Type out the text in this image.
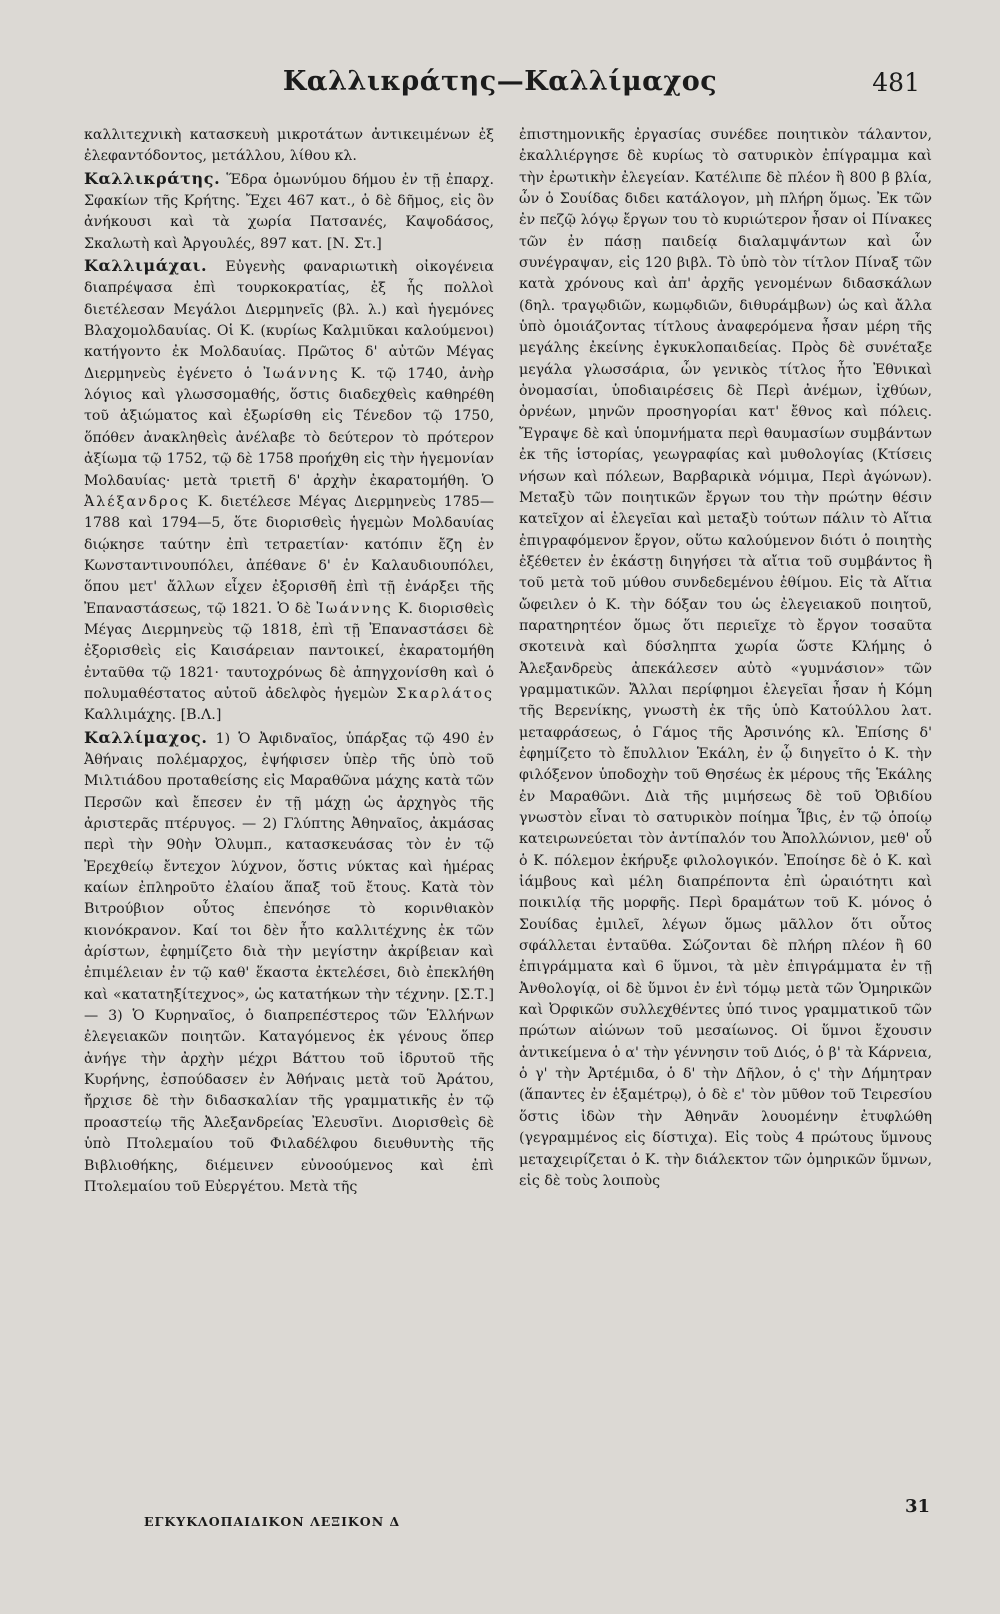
Καλλικράτης—Καλλίμαχος	481

καλλιτεχνικὴ κατασκευὴ μικροτάτων ἀντικειμένων ἐξ ἐλεφαντόδοντος, μετάλλου, λίθου κλ.

Καλλικράτης. Ἕδρα ὁμωνύμου δήμου ἐν τῇ ἐπαρχ. Σφακίων τῆς Κρήτης. Ἔχει 467 κατ., ὁ δὲ δῆμος, εἰς ὃν ἀνήκουσι καὶ τὰ χωρία Πατσανές, Καψοδάσος, Σκαλωτὴ καὶ Ἀργουλές, 897 κατ. [Ν. Στ.]

Καλλιμάχαι. Εὐγενὴς φαναριωτικὴ οἰκογένεια διαπρέψασα ἐπὶ τουρκοκρατίας, ἐξ ἧς πολλοὶ διετέλεσαν Μεγάλοι Διερμηνεῖς (βλ. λ.) καὶ ἡγεμόνες Βλαχομολδαυίας. Οἱ Κ. (κυρίως Καλμιῦκαι καλούμενοι) κατήγοντο ἐκ Μολδαυίας. Πρῶτος δ' αὐτῶν Μέγας Διερμηνεὺς ἐγένετο ὁ Ἰωάννης Κ. τῷ 1740, ἀνὴρ λόγιος καὶ γλωσσομαθής, ὅστις διαδεχθεὶς καθηρέθη τοῦ ἀξιώματος καὶ ἐξωρίσθη εἰς Τένεδον τῷ 1750, ὅπόθεν ἀνακληθεὶς ἀνέλαβε τὸ δεύτερον τὸ πρότερον ἀξίωμα τῷ 1752, τῷ δὲ 1758 προήχθη εἰς τὴν ἡγεμονίαν Μολδαυίας· μετὰ τριετῆ δ' ἀρχὴν ἐκαρατομήθη. Ὁ Ἀλέξανδρος Κ. διετέλεσε Μέγας Διερμηνεὺς 1785—1788 καὶ 1794—5, ὅτε διορισθεὶς ἡγεμὼν Μολδαυίας διῴκησε ταύτην ἐπὶ τετραετίαν· κατόπιν ἔζη ἐν Κωνσταντινουπόλει, ἀπέθανε δ' ἐν Καλαυδιουπόλει, ὅπου μετ' ἄλλων εἶχεν ἐξορισθῆ ἐπὶ τῇ ἐνάρξει τῆς Ἐπαναστάσεως, τῷ 1821. Ὁ δὲ Ἰωάννης Κ. διορισθεὶς Μέγας Διερμηνεὺς τῷ 1818, ἐπὶ τῇ Ἐπαναστάσει δὲ ἐξορισθεὶς εἰς Καισάρειαν παντοικεί, ἐκαρατομήθη ἐνταῦθα τῷ 1821· ταυτοχρόνως δὲ ἀπηγχονίσθη καὶ ὁ πολυμαθέστατος αὐτοῦ ἀδελφὸς ἡγεμὼν Σκαρλάτος Καλλιμάχης. [Β.Λ.]

Καλλίμαχος. 1) Ὁ Ἀφιδναῖος, ὑπάρξας τῷ 490 ἐν Ἀθήναις πολέμαρχος, ἐψήφισεν ὑπὲρ τῆς ὑπὸ τοῦ Μιλτιάδου προταθείσης εἰς Μαραθῶνα μάχης κατὰ τῶν Περσῶν καὶ ἔπεσεν ἐν τῇ μάχῃ ὡς ἀρχηγὸς τῆς ἀριστερᾶς πτέρυγος. — 2) Γλύπτης Ἀθηναῖος, ἀκμάσας περὶ τὴν 90ὴν Ὀλυμπ., κατασκευάσας τὸν ἐν τῷ Ἐρεχθείῳ ἔντεχον λύχνον, ὅστις νύκτας καὶ ἡμέρας καίων ἐπληροῦτο ἐλαίου ἅπαξ τοῦ ἔτους. Κατὰ τὸν Βιτρούβιον οὗτος ἐπενόησε τὸ κορινθιακὸν κιονόκρανον. Καί τοι δὲν ἦτο καλλιτέχνης ἐκ τῶν ἀρίστων, ἐφημίζετο διὰ τὴν μεγίστην ἀκρίβειαν καὶ ἐπιμέλειαν ἐν τῷ καθ' ἕκαστα ἐκτελέσει, διὸ ἐπεκλήθη καὶ «κατατηξίτεχνος», ὡς κατατήκων τὴν τέχνην. [Σ.Τ.] — 3) Ὁ Κυρηναῖος, ὁ διαπρεπέστερος τῶν Ἑλλήνων ἐλεγειακῶν ποιητῶν. Καταγόμενος ἐκ γένους ὅπερ ἀνήγε τὴν ἀρχὴν μέχρι Βάττου τοῦ ἱδρυτοῦ τῆς Κυρήνης, ἐσπούδασεν ἐν Ἀθήναις μετὰ τοῦ Ἀράτου, ἤρχισε δὲ τὴν διδασκαλίαν τῆς γραμματικῆς ἐν τῷ προαστείῳ τῆς Ἀλεξανδρείας Ἐλευσῖνι. Διορισθεὶς δὲ ὑπὸ Πτολεμαίου τοῦ Φιλαδέλφου διευθυντὴς τῆς Βιβλιοθήκης, διέμεινεν εὐνοούμενος καὶ ἐπὶ Πτολεμαίου τοῦ Εὐεργέτου. Μετὰ τῆς

ἐπιστημονικῆς ἐργασίας συνέδεε ποιητικὸν τάλαντον, ἐκαλλιέργησε δὲ κυρίως τὸ σατυρικὸν ἐπίγραμμα καὶ τὴν ἐρωτικὴν ἐλεγείαν. Κατέλιπε δὲ πλέον ἢ 800 β βλία, ὧν ὁ Σουίδας διδει κατάλογον, μὴ πλήρη ὅμως. Ἐκ τῶν ἐν πεζῷ λόγῳ ἔργων του τὸ κυριώτερον ἦσαν οἱ Πίνακες τῶν ἐν πάσῃ παιδείᾳ διαλαμψάντων καὶ ὧν συνέγραψαν, εἰς 120 βιβλ. Τὸ ὑπὸ τὸν τίτλον Πίναξ τῶν κατὰ χρόνους καὶ ἀπ' ἀρχῆς γενομένων διδασκάλων (δηλ. τραγῳδιῶν, κωμῳδιῶν, διθυράμβων) ὡς καὶ ἄλλα ὑπὸ ὁμοιάζοντας τίτλους ἀναφερόμενα ἦσαν μέρη τῆς μεγάλης ἐκείνης ἐγκυκλοπαιδείας. Πρὸς δὲ συνέταξε μεγάλα γλωσσάρια, ὧν γενικὸς τίτλος ἦτο Ἐθνικαὶ ὀνομασίαι, ὑποδιαιρέσεις δὲ Περὶ ἀνέμων, ἰχθύων, ὀρνέων, μηνῶν προσηγορίαι κατ' ἔθνος καὶ πόλεις. Ἔγραψε δὲ καὶ ὑπομνήματα περὶ θαυμασίων συμβάντων ἐκ τῆς ἱστορίας, γεωγραφίας καὶ μυθολογίας (Κτίσεις νήσων καὶ πόλεων, Βαρβαρικὰ νόμιμα, Περὶ ἀγώνων). Μεταξὺ τῶν ποιητικῶν ἔργων του τὴν πρώτην θέσιν κατεῖχον αἱ ἐλεγεῖαι καὶ μεταξὺ τούτων πάλιν τὸ Αἴτια ἐπιγραφόμενον ἔργον, οὕτω καλούμενον διότι ὁ ποιητὴς ἐξέθετεν ἐν ἑκάστῃ διηγήσει τὰ αἴτια τοῦ συμβάντος ἢ τοῦ μετὰ τοῦ μύθου συνδεδεμένου ἐθίμου. Εἰς τὰ Αἴτια ὤφειλεν ὁ Κ. τὴν δόξαν του ὡς ἐλεγειακοῦ ποιητοῦ, παρατηρητέον ὅμως ὅτι περιεῖχε τὸ ἔργον τοσαῦτα σκοτεινὰ καὶ δύσληπτα χωρία ὥστε Κλήμης ὁ Ἀλεξανδρεὺς ἀπεκάλεσεν αὐτὸ «γυμνάσιον» τῶν γραμματικῶν. Ἄλλαι περίφημοι ἐλεγεῖαι ἦσαν ἡ Κόμη τῆς Βερενίκης, γνωστὴ ἐκ τῆς ὑπὸ Κατούλλου λατ. μεταφράσεως, ὁ Γάμος τῆς Ἀρσινόης κλ. Ἐπίσης δ' ἐφημίζετο τὸ ἔπυλλιον Ἑκάλη, ἐν ᾧ διηγεῖτο ὁ Κ. τὴν φιλόξενον ὑποδοχὴν τοῦ Θησέως ἐκ μέρους τῆς Ἑκάλης ἐν Μαραθῶνι. Διὰ τῆς μιμήσεως δὲ τοῦ Ὀβιδίου γνωστὸν εἶναι τὸ σατυρικὸν ποίημα Ἶβις, ἐν τῷ ὁποίῳ κατειρωνεύεται τὸν ἀντίπαλόν του Ἀπολλώνιον, μεθ' οὗ ὁ Κ. πόλεμον ἐκήρυξε φιλολογικόν. Ἐποίησε δὲ ὁ Κ. καὶ ἰάμβους καὶ μέλη διαπρέποντα ἐπὶ ὡραιότητι καὶ ποικιλίᾳ τῆς μορφῆς. Περὶ δραμάτων τοῦ Κ. μόνος ὁ Σουίδας ἐμιλεῖ, λέγων ὅμως μᾶλλον ὅτι οὗτος σφάλλεται ἐνταῦθα. Σώζονται δὲ πλήρη πλέον ἢ 60 ἐπιγράμματα καὶ 6 ὕμνοι, τὰ μὲν ἐπιγράμματα ἐν τῇ Ἀνθολογίᾳ, οἱ δὲ ὕμνοι ἐν ἑνὶ τόμῳ μετὰ τῶν Ὁμηρικῶν καὶ Ὀρφικῶν συλλεχθέντες ὑπό τινος γραμματικοῦ τῶν πρώτων αἰώνων τοῦ μεσαίωνος. Οἱ ὕμνοι ἔχουσιν ἀντικείμενα ὁ α' τὴν γέννησιν τοῦ Διός, ὁ β' τὰ Κάρνεια, ὁ γ' τὴν Ἀρτέμιδα, ὁ δ' τὴν Δῆλον, ὁ ς' τὴν Δήμητραν (ἅπαντες ἐν ἑξαμέτρῳ), ὁ δὲ ε' τὸν μῦθον τοῦ Τειρεσίου ὅστις ἰδὼν τὴν Ἀθηνᾶν λουομένην ἐτυφλώθη (γεγραμμένος εἰς δίστιχα). Εἰς τοὺς 4 πρώτους ὕμνους μεταχειρίζεται ὁ Κ. τὴν διάλεκτον τῶν ὁμηρικῶν ὕμνων, εἰς δὲ τοὺς λοιποὺς

ΕΓΚΥΚΛΟΠΑΙΔΙΚΟΝ ΛΕΞΙΚΟΝ Δ
31
